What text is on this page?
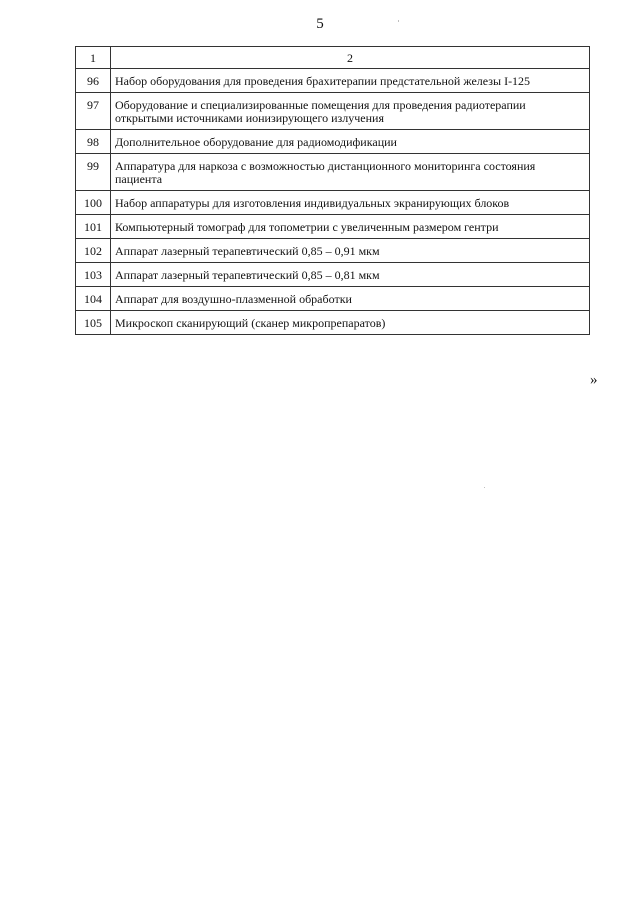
5
1	2
96	Набор оборудования для проведения брахитерапии предстательной железы I-125
97	Оборудование и специализированные помещения для проведения радиотерапии открытыми источниками ионизирующего излучения
98	Дополнительное оборудование для радиомодификации
99	Аппаратура для наркоза с возможностью дистанционного мониторинга состояния пациента
100	Набор аппаратуры для изготовления индивидуальных экранирующих блоков
101	Компьютерный томограф для топометрии с увеличенным размером гентри
102	Аппарат лазерный терапевтический 0,85 – 0,91 мкм
103	Аппарат лазерный терапевтический 0,85 – 0,81 мкм
104	Аппарат для воздушно-плазменной обработки
105	Микроскоп сканирующий (сканер микропрепаратов)
»
